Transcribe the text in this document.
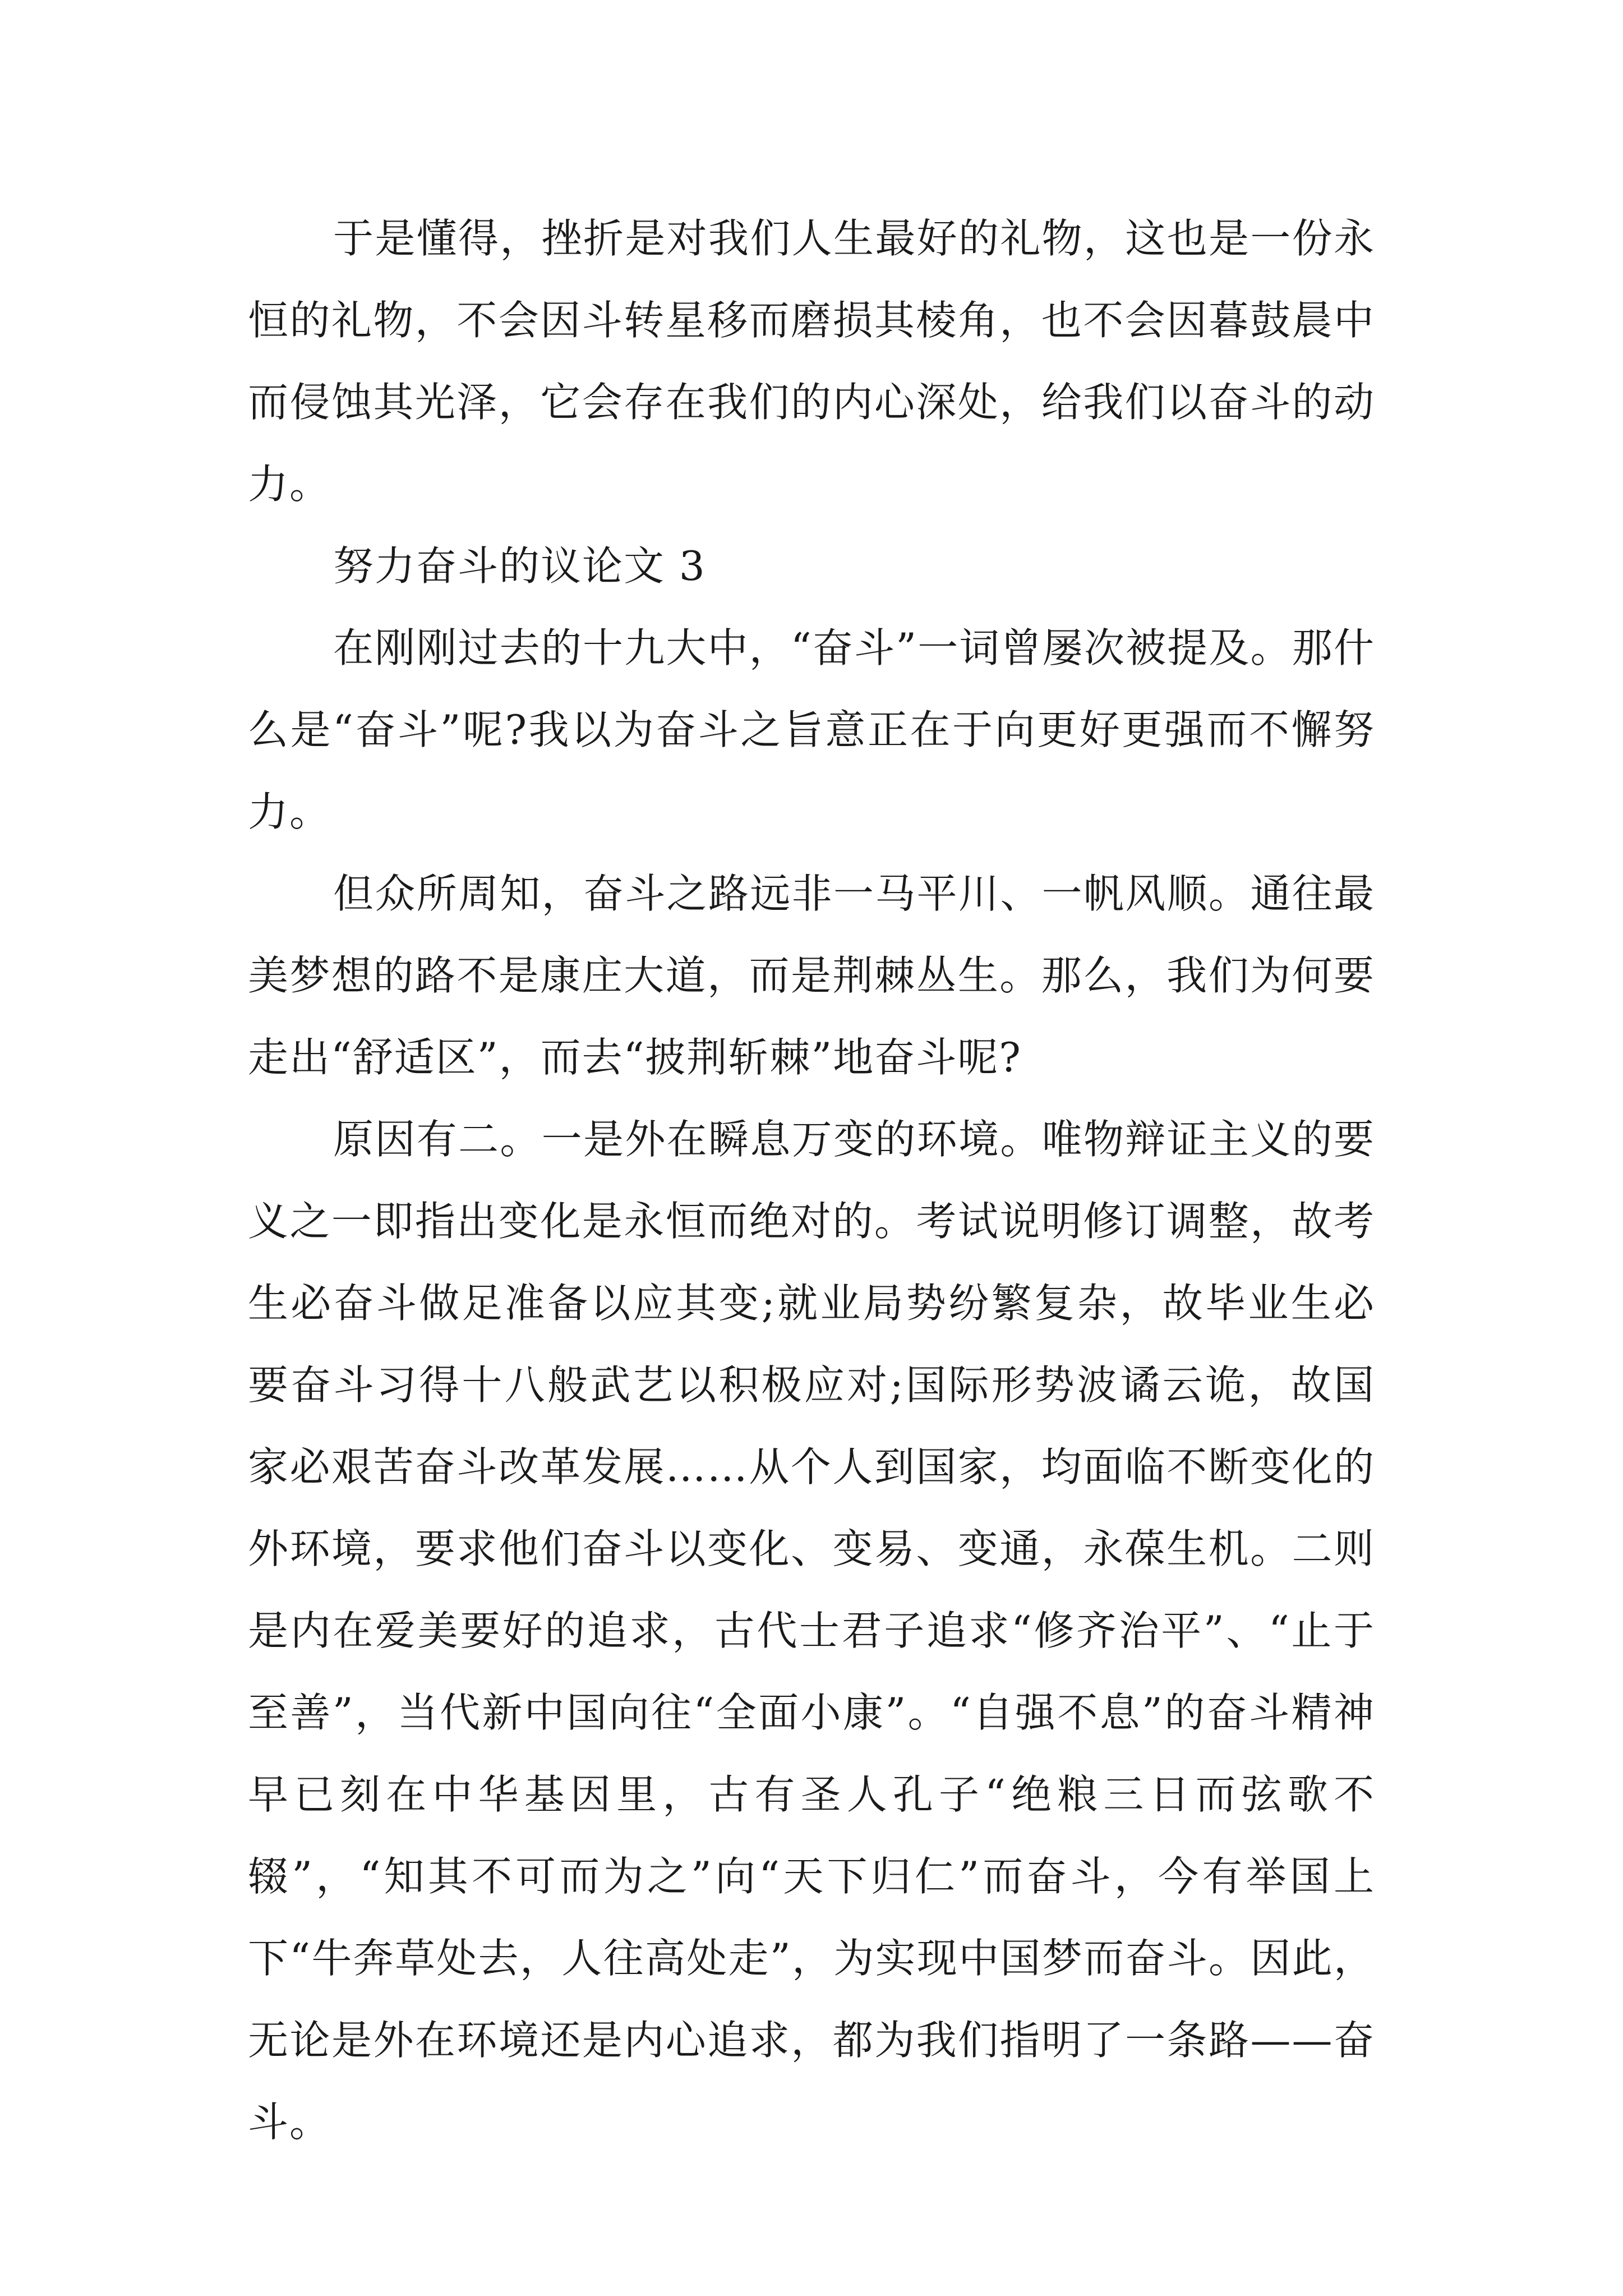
于是懂得，挫折是对我们人生最好的礼物，这也是一份永恒的礼物，不会因斗转星移而磨损其棱角，也不会因暮鼓晨中而侵蚀其光泽，它会存在我们的内心深处，给我们以奋斗的动力。

努力奋斗的议论文 3

在刚刚过去的十九大中，“奋斗”一词曾屡次被提及。那什么是“奋斗”呢?我以为奋斗之旨意正在于向更好更强而不懈努力。

但众所周知，奋斗之路远非一马平川、一帆风顺。通往最美梦想的路不是康庄大道，而是荆棘丛生。那么，我们为何要走出“舒适区”，而去“披荆斩棘”地奋斗呢?

原因有二。一是外在瞬息万变的环境。唯物辩证主义的要义之一即指出变化是永恒而绝对的。考试说明修订调整，故考生必奋斗做足准备以应其变;就业局势纷繁复杂，故毕业生必要奋斗习得十八般武艺以积极应对;国际形势波谲云诡，故国家必艰苦奋斗改革发展……从个人到国家，均面临不断变化的外环境，要求他们奋斗以变化、变易、变通，永葆生机。二则是内在爱美要好的追求，古代士君子追求“修齐治平”、“止于至善”，当代新中国向往“全面小康”。“自强不息”的奋斗精神早已刻在中华基因里，古有圣人孔子“绝粮三日而弦歌不辍”，“知其不可而为之”向“天下归仁”而奋斗，今有举国上下“牛奔草处去，人往高处走”，为实现中国梦而奋斗。因此，无论是外在环境还是内心追求，都为我们指明了一条路——奋斗。
